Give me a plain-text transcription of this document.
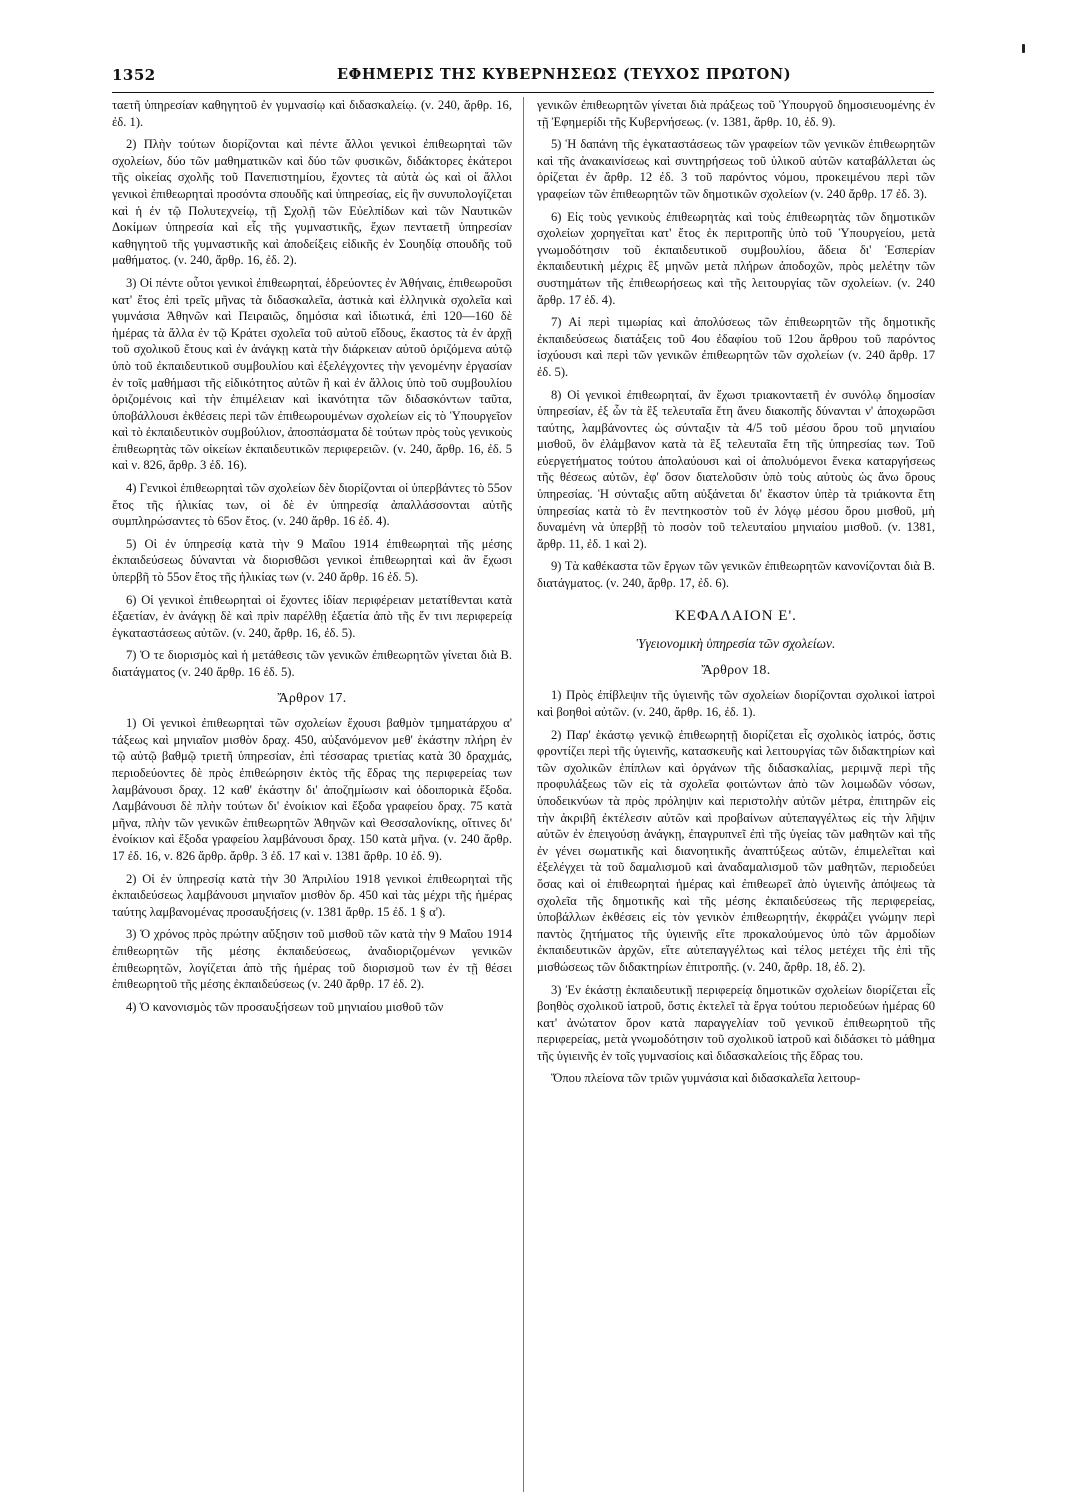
1352	ΕΦΗΜΕΡΙΣ ΤΗΣ ΚΥΒΕΡΝΗΣΕΩΣ (ΤΕΥΧΟΣ ΠΡΩΤΟΝ)

ταετῆ ὑπηρεσίαν καθηγητοῦ ἐν γυμνασίῳ καὶ διδασκαλείῳ. (ν. 240, ἄρθρ. 16, ἐδ. 1).

2) Πλὴν τούτων διορίζονται καὶ πέντε ἄλλοι γενικοὶ ἐπιθεωρηταὶ τῶν σχολείων, δύο τῶν μαθηματικῶν καὶ δύο τῶν φυσικῶν, διδάκτορες ἑκάτεροι τῆς οἰκείας σχολῆς τοῦ Πανεπιστημίου, ἔχοντες τὰ αὐτὰ ὡς καὶ οἱ ἄλλοι γενικοὶ ἐπιθεωρηταὶ προσόντα σπουδῆς καὶ ὑπηρεσίας, εἰς ἣν συνυπολογίζεται καὶ ἡ ἐν τῷ Πολυτεχνείῳ, τῇ Σχολῇ τῶν Εὐελπίδων καὶ τῶν Ναυτικῶν Δοκίμων ὑπηρεσία καὶ εἷς τῆς γυμναστικῆς, ἔχων πενταετῆ ὑπηρεσίαν καθηγητοῦ τῆς γυμναστικῆς καὶ ἀποδείξεις εἰδικῆς ἐν Σουηδίᾳ σπουδῆς τοῦ μαθήματος. (ν. 240, ἄρθρ. 16, ἐδ. 2).

3) Οἱ πέντε οὗτοι γενικοὶ ἐπιθεωρηταί, ἑδρεύοντες ἐν Ἀθήναις, ἐπιθεωροῦσι κατ' ἔτος ἐπὶ τρεῖς μῆνας τὰ διδασκαλεῖα, ἀστικὰ καὶ ἑλληνικὰ σχολεῖα καὶ γυμνάσια Ἀθηνῶν καὶ Πειραιῶς, δημόσια καὶ ἰδιωτικά, ἐπὶ 120—160 δὲ ἡμέρας τὰ ἄλλα ἐν τῷ Κράτει σχολεῖα τοῦ αὐτοῦ εἴδους, ἕκαστος τὰ ἐν ἀρχῇ τοῦ σχολικοῦ ἔτους καὶ ἐν ἀνάγκῃ κατὰ τὴν διάρκειαν αὐτοῦ ὁριζόμενα αὐτῷ ὑπὸ τοῦ ἐκπαιδευτικοῦ συμβουλίου καὶ ἐξελέγχοντες τὴν γενομένην ἐργασίαν ἐν τοῖς μαθήμασι τῆς εἰδικότητος αὐτῶν ἢ καὶ ἐν ἄλλοις ὑπὸ τοῦ συμβουλίου ὁριζομένοις καὶ τὴν ἐπιμέλειαν καὶ ἱκανότητα τῶν διδασκόντων ταῦτα, ὑποβάλλουσι ἐκθέσεις περὶ τῶν ἐπιθεωρουμένων σχολείων εἰς τὸ Ὑπουργεῖον καὶ τὸ ἐκπαιδευτικὸν συμβούλιον, ἀποσπάσματα δὲ τούτων πρὸς τοὺς γενικοὺς ἐπιθεωρητὰς τῶν οἰκείων ἐκπαιδευτικῶν περιφερειῶν. (ν. 240, ἄρθρ. 16, ἐδ. 5 καὶ ν. 826, ἄρθρ. 3 ἐδ. 16).

4) Γενικοὶ ἐπιθεωρηταὶ τῶν σχολείων δὲν διορίζονται οἱ ὑπερβάντες τὸ 55ον ἔτος τῆς ἡλικίας των, οἱ δὲ ἐν ὑπηρεσίᾳ ἀπαλλάσσονται αὐτῆς συμπληρώσαντες τὸ 65ον ἔτος. (ν. 240 ἄρθρ. 16 ἐδ. 4).

5) Οἱ ἐν ὑπηρεσίᾳ κατὰ τὴν 9 Μαΐου 1914 ἐπιθεωρηταὶ τῆς μέσης ἐκπαιδεύσεως δύνανται νὰ διορισθῶσι γενικοὶ ἐπιθεωρηταὶ καὶ ἂν ἔχωσι ὑπερβῆ τὸ 55ον ἔτος τῆς ἡλικίας των (ν. 240 ἄρθρ. 16 ἐδ. 5).

6) Οἱ γενικοὶ ἐπιθεωρηταὶ οἱ ἔχοντες ἰδίαν περιφέρειαν μετατίθενται κατὰ ἑξαετίαν, ἐν ἀνάγκῃ δὲ καὶ πρὶν παρέλθῃ ἑξαετία ἀπὸ τῆς ἔν τινι περιφερείᾳ ἐγκαταστάσεως αὐτῶν. (ν. 240, ἄρθρ. 16, ἐδ. 5).

7) Ὁ τε διορισμὸς καὶ ἡ μετάθεσις τῶν γενικῶν ἐπιθεωρητῶν γίνεται διὰ Β. διατάγματος (ν. 240 ἄρθρ. 16 ἐδ. 5).

Ἄρθρον 17.

1) Οἱ γενικοὶ ἐπιθεωρηταὶ τῶν σχολείων ἔχουσι βαθμὸν τμηματάρχου α' τάξεως καὶ μηνιαῖον μισθὸν δραχ. 450, αὐξανόμενον μεθ' ἑκάστην πλήρη ἐν τῷ αὐτῷ βαθμῷ τριετῆ ὑπηρεσίαν, ἐπὶ τέσσαρας τριετίας κατὰ 30 δραχμάς, περιοδεύοντες δὲ πρὸς ἐπιθεώρησιν ἐκτὸς τῆς ἕδρας της περιφερείας των λαμβάνουσι δραχ. 12 καθ' ἑκάστην δι' ἀποζημίωσιν καὶ ὁδοιπορικὰ ἔξοδα. Λαμβάνουσι δὲ πλὴν τούτων δι' ἐνοίκιον καὶ ἔξοδα γραφείου δραχ. 75 κατὰ μῆνα, πλὴν τῶν γενικῶν ἐπιθεωρητῶν Ἀθηνῶν καὶ Θεσσαλονίκης, οἵτινες δι' ἐνοίκιον καὶ ἔξοδα γραφείου λαμβάνουσι δραχ. 150 κατὰ μῆνα. (ν. 240 ἄρθρ. 17 ἐδ. 16, ν. 826 ἄρθρ. ἄρθρ. 3 ἐδ. 17 καὶ ν. 1381 ἄρθρ. 10 ἐδ. 9).

2) Οἱ ἐν ὑπηρεσίᾳ κατὰ τὴν 30 Ἀπριλίου 1918 γενικοὶ ἐπιθεωρηταὶ τῆς ἐκπαιδεύσεως λαμβάνουσι μηνιαῖον μισθὸν δρ. 450 καὶ τὰς μέχρι τῆς ἡμέρας ταύτης λαμβανομένας προσαυξήσεις (ν. 1381 ἄρθρ. 15 ἐδ. 1 § α').

3) Ὁ χρόνος πρὸς πρώτην αὔξησιν τοῦ μισθοῦ τῶν κατὰ τὴν 9 Μαΐου 1914 ἐπιθεωρητῶν τῆς μέσης ἐκπαιδεύσεως, ἀναδιοριζομένων γενικῶν ἐπιθεωρητῶν, λογίζεται ἀπὸ τῆς ἡμέρας τοῦ διορισμοῦ των ἐν τῇ θέσει ἐπιθεωρητοῦ τῆς μέσης ἐκπαιδεύσεως (ν. 240 ἄρθρ. 17 ἐδ. 2).

4) Ὁ κανονισμὸς τῶν προσαυξήσεων τοῦ μηνιαίου μισθοῦ τῶν

γενικῶν ἐπιθεωρητῶν γίνεται διὰ πράξεως τοῦ Ὑπουργοῦ δημοσιευομένης ἐν τῇ Ἐφημερίδι τῆς Κυβερνήσεως. (ν. 1381, ἄρθρ. 10, ἐδ. 9).

5) Ἡ δαπάνη τῆς ἐγκαταστάσεως τῶν γραφείων τῶν γενικῶν ἐπιθεωρητῶν καὶ τῆς ἀνακαινίσεως καὶ συντηρήσεως τοῦ ὑλικοῦ αὐτῶν καταβάλλεται ὡς ὁρίζεται ἐν ἄρθρ. 12 ἐδ. 3 τοῦ παρόντος νόμου, προκειμένου περὶ τῶν γραφείων τῶν ἐπιθεωρητῶν τῶν δημοτικῶν σχολείων (ν. 240 ἄρθρ. 17 ἐδ. 3).

6) Εἰς τοὺς γενικοὺς ἐπιθεωρητὰς καὶ τοὺς ἐπιθεωρητὰς τῶν δημοτικῶν σχολείων χορηγεῖται κατ' ἔτος ἐκ περιτροπῆς ὑπὸ τοῦ Ὑπουργείου, μετὰ γνωμοδότησιν τοῦ ἐκπαιδευτικοῦ συμβουλίου, ἄδεια δι' Ἑσπερίαν ἐκπαιδευτικὴ μέχρις ἓξ μηνῶν μετὰ πλήρων ἀποδοχῶν, πρὸς μελέτην τῶν συστημάτων τῆς ἐπιθεωρήσεως καὶ τῆς λειτουργίας τῶν σχολείων. (ν. 240 ἄρθρ. 17 ἐδ. 4).

7) Αἱ περὶ τιμωρίας καὶ ἀπολύσεως τῶν ἐπιθεωρητῶν τῆς δημοτικῆς ἐκπαιδεύσεως διατάξεις τοῦ 4ου ἐδαφίου τοῦ 12ου ἄρθρου τοῦ παρόντος ἰσχύουσι καὶ περὶ τῶν γενικῶν ἐπιθεωρητῶν τῶν σχολείων (ν. 240 ἄρθρ. 17 ἐδ. 5).

8) Οἱ γενικοὶ ἐπιθεωρηταί, ἂν ἔχωσι τριακονταετῆ ἐν συνόλῳ δημοσίαν ὑπηρεσίαν, ἐξ ὧν τὰ ἓξ τελευταῖα ἔτη ἄνευ διακοπῆς δύνανται ν' ἀποχωρῶσι ταύτης, λαμβάνοντες ὡς σύνταξιν τὰ 4/5 τοῦ μέσου ὅρου τοῦ μηνιαίου μισθοῦ, ὃν ἐλάμβανον κατὰ τὰ ἓξ τελευταῖα ἔτη τῆς ὑπηρεσίας των. Τοῦ εὐεργετήματος τούτου ἀπολαύουσι καὶ οἱ ἀπολυόμενοι ἕνεκα καταργήσεως τῆς θέσεως αὐτῶν, ἐφ' ὅσον διατελοῦσιν ὑπὸ τοὺς αὐτοὺς ὡς ἄνω ὅρους ὑπηρεσίας. Ἡ σύνταξις αὕτη αὐξάνεται δι' ἕκαστον ὑπὲρ τὰ τριάκοντα ἔτη ὑπηρεσίας κατὰ τὸ ἓν πεντηκοστὸν τοῦ ἐν λόγῳ μέσου ὅρου μισθοῦ, μὴ δυναμένη νὰ ὑπερβῇ τὸ ποσὸν τοῦ τελευταίου μηνιαίου μισθοῦ. (ν. 1381, ἄρθρ. 11, ἐδ. 1 καὶ 2).

9) Τὰ καθέκαστα τῶν ἔργων τῶν γενικῶν ἐπιθεωρητῶν κανονίζονται διὰ Β. διατάγματος. (ν. 240, ἄρθρ. 17, ἐδ. 6).

ΚΕΦΑΛΑΙΟΝ Ε'.
Ὑγειονομικὴ ὑπηρεσία τῶν σχολείων.
Ἄρθρον 18.

1) Πρὸς ἐπίβλεψιν τῆς ὑγιεινῆς τῶν σχολείων διορίζονται σχολικοὶ ἰατροὶ καὶ βοηθοὶ αὐτῶν. (ν. 240, ἄρθρ. 16, ἐδ. 1).

2) Παρ' ἑκάστῳ γενικῷ ἐπιθεωρητῇ διορίζεται εἷς σχολικὸς ἰατρός, ὅστις φροντίζει περὶ τῆς ὑγιεινῆς, κατασκευῆς καὶ λειτουργίας τῶν διδακτηρίων καὶ τῶν σχολικῶν ἐπίπλων καὶ ὀργάνων τῆς διδασκαλίας, μεριμνᾷ περὶ τῆς προφυλάξεως τῶν εἰς τὰ σχολεῖα φοιτώντων ἀπὸ τῶν λοιμωδῶν νόσων, ὑποδεικνύων τὰ πρὸς πρόληψιν καὶ περιστολὴν αὐτῶν μέτρα, ἐπιτηρῶν εἰς τὴν ἀκριβῆ ἐκτέλεσιν αὐτῶν καὶ προβαίνων αὐτεπαγγέλτως εἰς τὴν λῆψιν αὐτῶν ἐν ἐπειγούσῃ ἀνάγκῃ, ἐπαγρυπνεῖ ἐπὶ τῆς ὑγείας τῶν μαθητῶν καὶ τῆς ἐν γένει σωματικῆς καὶ διανοητικῆς ἀναπτύξεως αὐτῶν, ἐπιμελεῖται καὶ ἐξελέγχει τὰ τοῦ δαμαλισμοῦ καὶ ἀναδαμαλισμοῦ τῶν μαθητῶν, περιοδεύει ὅσας καὶ οἱ ἐπιθεωρηταὶ ἡμέρας καὶ ἐπιθεωρεῖ ἀπὸ ὑγιεινῆς ἀπόψεως τὰ σχολεῖα τῆς δημοτικῆς καὶ τῆς μέσης ἐκπαιδεύσεως τῆς περιφερείας, ὑποβάλλων ἐκθέσεις εἰς τὸν γενικὸν ἐπιθεωρητήν, ἐκφράζει γνώμην περὶ παντὸς ζητήματος τῆς ὑγιεινῆς εἴτε προκαλούμενος ὑπὸ τῶν ἁρμοδίων ἐκπαιδευτικῶν ἀρχῶν, εἴτε αὐτεπαγγέλτως καὶ τέλος μετέχει τῆς ἐπὶ τῆς μισθώσεως τῶν διδακτηρίων ἐπιτροπῆς. (ν. 240, ἄρθρ. 18, ἐδ. 2).

3) Ἐν ἑκάστῃ ἐκπαιδευτικῇ περιφερείᾳ δημοτικῶν σχολείων διορίζεται εἷς βοηθὸς σχολικοῦ ἰατροῦ, ὅστις ἐκτελεῖ τὰ ἔργα τούτου περιοδεύων ἡμέρας 60 κατ' ἀνώτατον ὅρον κατὰ παραγγελίαν τοῦ γενικοῦ ἐπιθεωρητοῦ τῆς περιφερείας, μετὰ γνωμοδότησιν τοῦ σχολικοῦ ἰατροῦ καὶ διδάσκει τὸ μάθημα τῆς ὑγιεινῆς ἐν τοῖς γυμνασίοις καὶ διδασκαλείοις τῆς ἕδρας του.

Ὅπου πλείονα τῶν τριῶν γυμνάσια καὶ διδασκαλεῖα λειτουρ-
